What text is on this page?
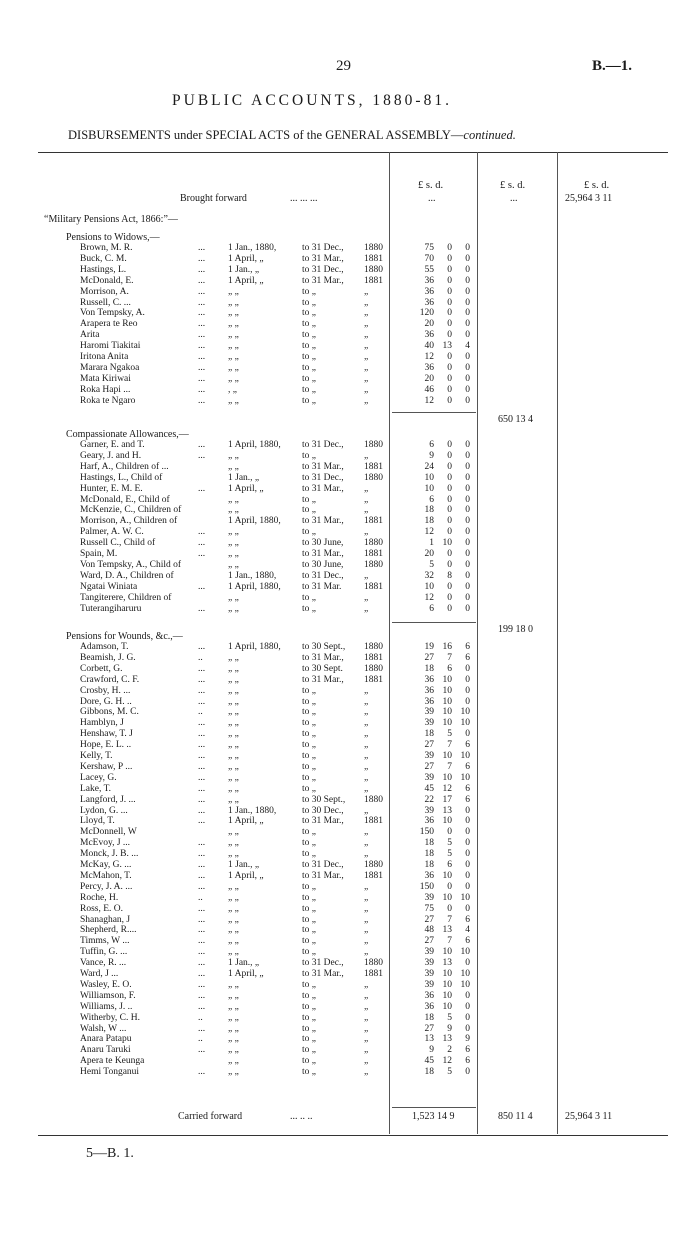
29	B.—1.
PUBLIC ACCOUNTS, 1880-81.
DISBURSEMENTS under SPECIAL ACTS of the GENERAL ASSEMBLY—continued.
£ s. d.	£ s. d.	£ s. d.
Brought forward	... ... ...	...	...	25,964 3 11
“Military Pensions Act, 1866:”—
Pensions to Widows,—
Brown, M. R.	... 1 Jan., 1880,	to 31 Dec., 1880	75	0	0
Buck, C. M.	... 1 April, „	to 31 Mar., 1881	70	0	0
Hastings, L.	... 1 Jan., „	to 31 Dec., 1880	55	0	0
McDonald, E.	... 1 April, „	to 31 Mar., 1881	36	0	0
Morrison, A.	... „ „	to „	„	36	0	0
Russell, C. ...	... „ „	to „	„	36	0	0
Von Tempsky, A.	... „ „	to „	„	120	0	0
Arapera te Reo	... „ „	to „	„	20	0	0
Arita	... „ „	to „	„	36	0	0
Haromi Tiakitai	... „ „	to „	„	40 13	4
Iritona Anita	... „ „	to „	„	12	0	0
Marara Ngakoa	... „ „	to „	„	36	0	0
Mata Kiriwai	... „ „	to „	„	20	0	0
Roka Hapi ...	... , „	to „	„	46	0	0
Roka te Ngaro	... „ „	to „	„	12	0	0
650 13 4
Compassionate Allowances,—
Garner, E. and T.	... 1 April, 1880, to 31 Dec., 1880	6	0	0
Geary, J. and H.	... „ „	to „	„	9	0	0
Harf, A., Children of ...	„ „	to 31 Mar., 1881	24	0	0
Hastings, L., Child of	1 Jan., „	to 31 Dec., 1880	10	0	0
Hunter, E. M. E.	... 1 April, „	to 31 Mar., „	10	0	0
McDonald, E., Child of	„ „	to „	„	6	0	0
McKenzie, C., Children of	„ „	to „	„	18	0	0
Morrison, A., Children of	1 April, 1880, to 31 Mar., 1881	18	0	0
Palmer, A. W. C.	... „ „	to „	„	12	0	0
Russell C., Child of	... „ „	to 30 June, 1880	1 10	0
Spain, M.	... „ „	to 31 Mar., 1881	20	0	0
Von Tempsky, A., Child of	„ „	to 30 June, 1880	5	0	0
Ward, D. A., Children of	1 Jan., 1880,	to 31 Dec., „	32	8	0
Ngatai Winiata	... 1 April, 1880, to 31 Mar. 1881	10	0	0
Tangiterere, Children of	„ „	to „	„	12	0	0
Tuterangiharuru	... „ „	to „	„	6	0	0
199 18 0
Pensions for Wounds, &c.,—
Adamson, T.	... 1 April, 1880, to 30 Sept., 1880	19 16	6
Beamish, J. G.	..	„ „	to 31 Mar., 1881	27	7	6
Corbett, G.	... „ „	to 30 Sept. 1880	18	6	0
Crawford, C. F.	... „ „	to 31 Mar., 1881	36 10	0
Crosby, H. ...	... „ „	to „	„	36 10	0
Dore, G. H. ..	... „ „	to „	„	36 10	0
Gibbons, M. C.	..	„ „	to „	„	39 10 10
Hamblyn, J	... „ „	to „	„	39 10 10
Henshaw, T. J	... „ „	to „	„	18	5	0
Hope, E. L. ..	... „ „	to „	„	27	7	6
Kelly, T.	... „ „	to „	„	39 10 10
Kershaw, P ...	... „ „	to „	„	27	7	6
Lacey, G.	... „ „	to „	„	39 10 10
Lake, T.	... „ „	to „	„	45 12	6
Langford, J. ...	... „ „	to 30 Sept., 1880	22 17	6
Lydon, G. ...	... 1 Jan., 1880,	to 30 Dec., „	39 13	0
Lloyd, T.	... 1 April, „	to 31 Mar., 1881	36 10	0
McDonnell, W	„ „	to „	„	150	0	0
McEvoy, J ...	... „ „	to „	„	18	5	0
Monck, J. B. ...	... „ „	to „	„	18	5	0
McKay, G. ...	... 1 Jan., „	to 31 Dec., 1880	18	6	0
McMahon, T.	... 1 April, „	to 31 Mar., 1881	36 10	0
Percy, J. A. ...	... „ „	to „	„	150	0	0
Roche, H.	..	„ „	to „	„	39 10 10
Ross, E. O.	... „ „	to „	„	75	0	0
Shanaghan, J	... „ „	to „	„	27	7	6
Shepherd, R....	... „ „	to „	„	48 13	4
Timms, W ...	... „ „	to „	„	27	7	6
Tuffin, G. ...	... „ „	to „	„	39 10 10
Vance, R. ...	... 1 Jan., „	to 31 Dec., 1880	39 13	0
Ward, J ...	... 1 April, „	to 31 Mar., 1881	39 10 10
Wasley, E. O.	... „ „	to „	„	39 10 10
Williamson, F.	... „ „	to „	„	36 10	0
Williams, J. ..	... „ „	to „	„	36 10	0
Witherby, C. H.	..	„ „	to „	„	18	5	0
Walsh, W ...	... „ „	to „	„	27	9	0
Anara Patapu	..	„ „	to „	„	13 13	9
Anaru Taruki	... „ „	to „	„	9	2	6
Apera te Keunga	„ „	to „	„	45 12	6
Hemi Tonganui	... „ „	to „	„	18	5	0
Carried forward	... .. ..	1,523 14 9	850 11 4	25,964 3 11
5—B. 1.
